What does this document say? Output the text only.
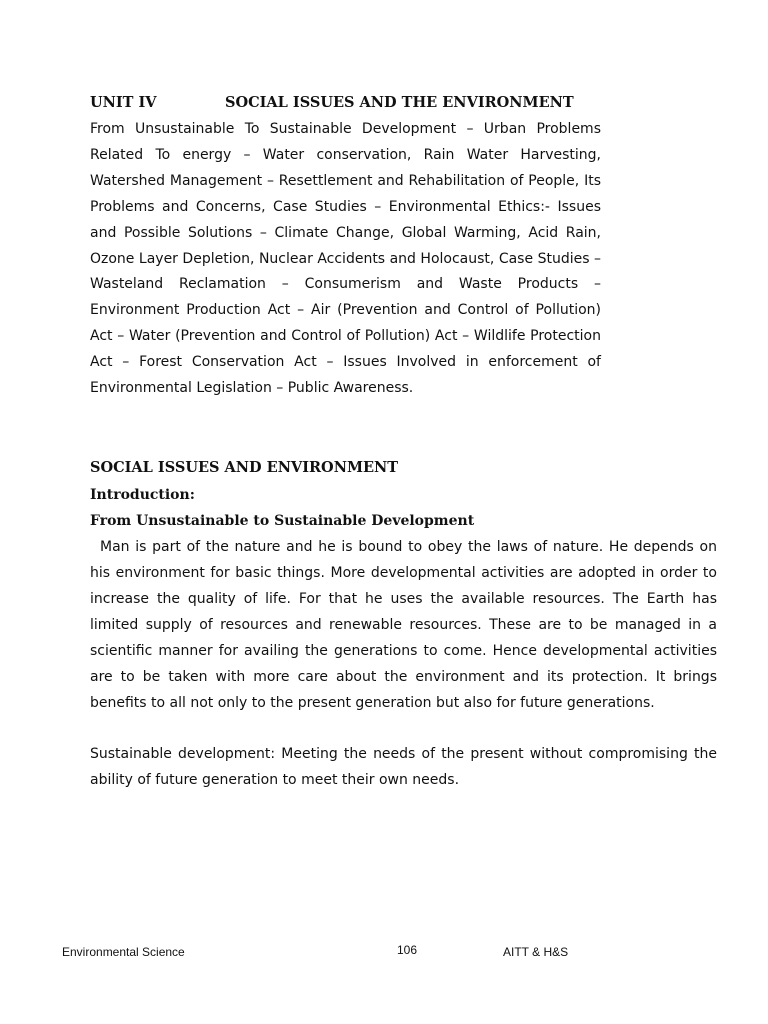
UNIT IV	SOCIAL ISSUES AND THE ENVIRONMENT

From Unsustainable To Sustainable Development – Urban Problems Related To energy – Water conservation, Rain Water Harvesting, Watershed Management – Resettlement and Rehabilitation of People, Its Problems and Concerns, Case Studies – Environmental Ethics:- Issues and Possible Solutions – Climate Change, Global Warming, Acid Rain, Ozone Layer Depletion, Nuclear Accidents and Holocaust, Case Studies – Wasteland Reclamation – Consumerism and Waste Products – Environment Production Act – Air (Prevention and Control of Pollution) Act – Water (Prevention and Control of Pollution) Act – Wildlife Protection Act – Forest Conservation Act – Issues Involved in enforcement of Environmental Legislation – Public Awareness.

SOCIAL ISSUES AND ENVIRONMENT
Introduction:
From Unsustainable to Sustainable Development

Man is part of the nature and he is bound to obey the laws of nature. He depends on his environment for basic things. More developmental activities are adopted in order to increase the quality of life. For that he uses the available resources. The Earth has limited supply of resources and renewable resources. These are to be managed in a scientific manner for availing the generations to come. Hence developmental activities are to be taken with more care about the environment and its protection. It brings benefits to all not only to the present generation but also for future generations.

Sustainable development: Meeting the needs of the present without compromising the ability of future generation to meet their own needs.

Environmental Science	106	AITT & H&S
